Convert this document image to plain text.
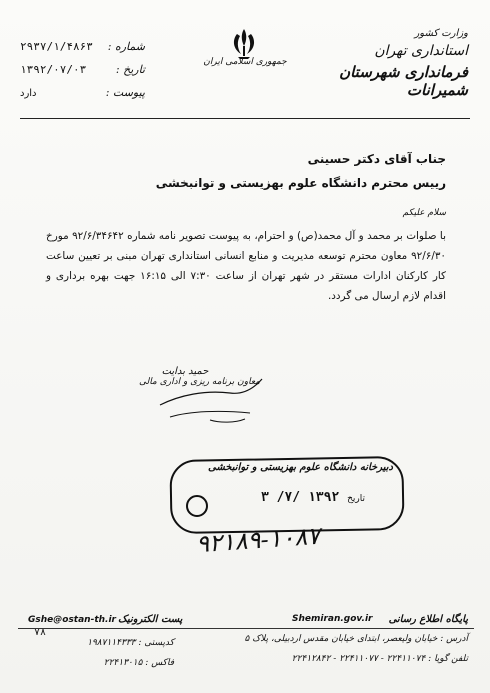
وزارت کشور
استانداری تهران
فرمانداری شهرستان شمیرانات
جمهوری اسلامی ایران
شماره :
۲۹۳۷/۱/۴۸۶۳
تاریخ :
۱۳۹۲/۰۷/۰۳
پیوست :
دارد
جناب آقای دکتر حسینی
رییس محترم دانشگاه علوم بهزیستی و توانبخشی
سلام علیکم
با صلوات بر محمد و آل محمد(ص) و احترام، به پیوست تصویر نامه شماره ۹۲/۶/۳۴۶۴۲ مورخ ۹۲/۶/۳۰ معاون محترم توسعه مدیریت و منابع انسانی استانداری تهران مبنی بر تعیین ساعت کار کارکنان ادارات مستقر در شهر تهران از ساعت ۷:۳۰ الی ۱۶:۱۵ جهت بهره برداری و اقدام لازم ارسال می گردد.
حمید بدایت
معاون برنامه ریزی و اداری مالی
دبیرخانه دانشگاه علوم بهزیستی و توانبخشی
تاریخ ۱۳۹۲ /۷/ ۳
۹۲۱۸۹-۱۰۸۷
پایگاه اطلاع رسانی
Shemiran.gov.ir
پست الکترونیک
Gshe@ostan-th.ir
۷۸
آدرس : خیابان ولیعصر، ابتدای خیابان مقدس اردبیلی، پلاک ۵
تلفن گویا : ۲۲۴۱۱۰۷۴ - ۲۲۴۱۱۰۷۷ - ۲۲۴۱۲۸۴۲
کدپستی : ۱۹۸۷۱۱۴۳۳۳
فاکس : ۲۲۴۱۳۰۱۵
